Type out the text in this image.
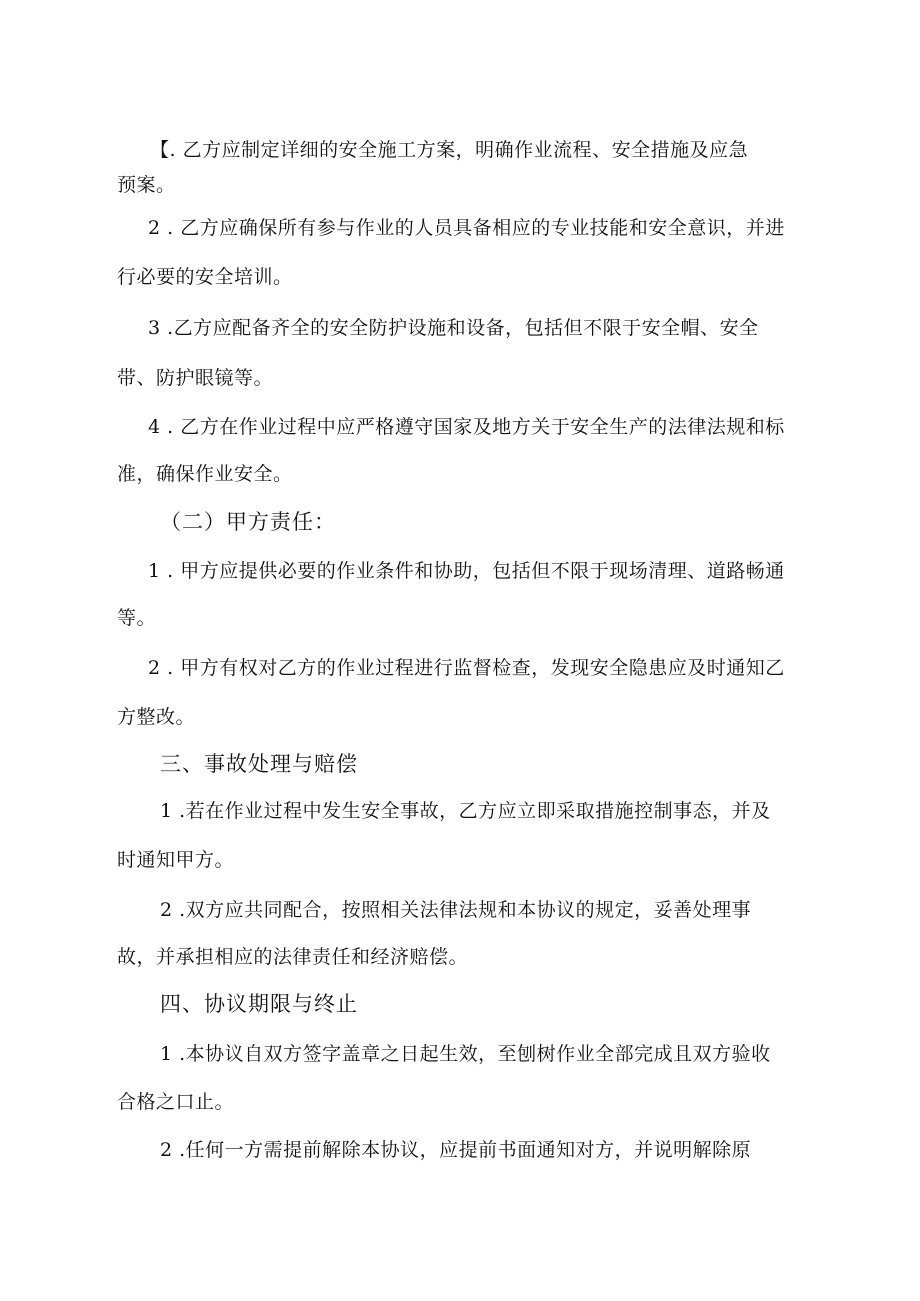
【. 乙方应制定详细的安全施工方案，明确作业流程、安全措施及应急
预案。
2 . 乙方应确保所有参与作业的人员具备相应的专业技能和安全意识，并进
行必要的安全培训。
3 .乙方应配备齐全的安全防护设施和设备，包括但不限于安全帽、安全
带、防护眼镜等。
4 . 乙方在作业过程中应严格遵守国家及地方关于安全生产的法律法规和标
准，确保作业安全。
（二）甲方责任：
1 . 甲方应提供必要的作业条件和协助，包括但不限于现场清理、道路畅通
等。
2 . 甲方有权对乙方的作业过程进行监督检查，发现安全隐患应及时通知乙
方整改。
三、事故处理与赔偿
1 .若在作业过程中发生安全事故，乙方应立即采取措施控制事态，并及
时通知甲方。
2 .双方应共同配合，按照相关法律法规和本协议的规定，妥善处理事
故，并承担相应的法律责任和经济赔偿。
四、协议期限与终止
1 .本协议自双方签字盖章之日起生效，至刨树作业全部完成且双方验收
合格之口止。
2 .任何一方需提前解除本协议，应提前书面通知对方，并说明解除原
